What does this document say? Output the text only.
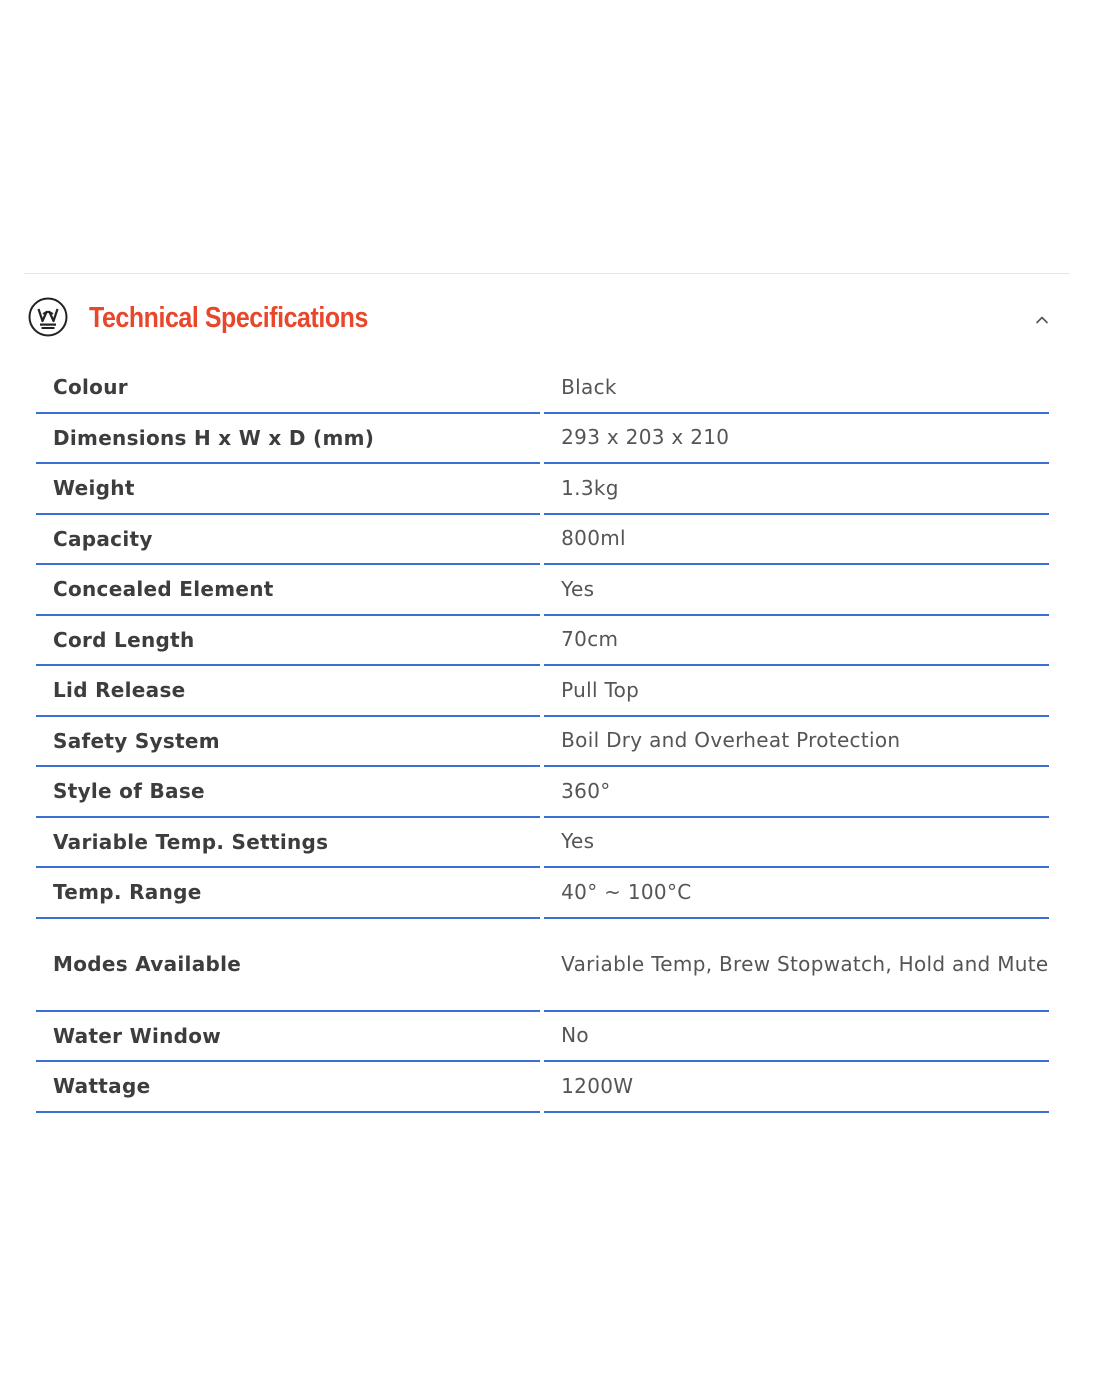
Technical Specifications
Colour	Black
Dimensions H x W x D (mm)	293 x 203 x 210
Weight	1.3kg
Capacity	800ml
Concealed Element	Yes
Cord Length	70cm
Lid Release	Pull Top
Safety System	Boil Dry and Overheat Protection
Style of Base	360°
Variable Temp. Settings	Yes
Temp. Range	40° ~ 100°C
Modes Available	Variable Temp, Brew Stopwatch, Hold and Mute
Water Window	No
Wattage	1200W
